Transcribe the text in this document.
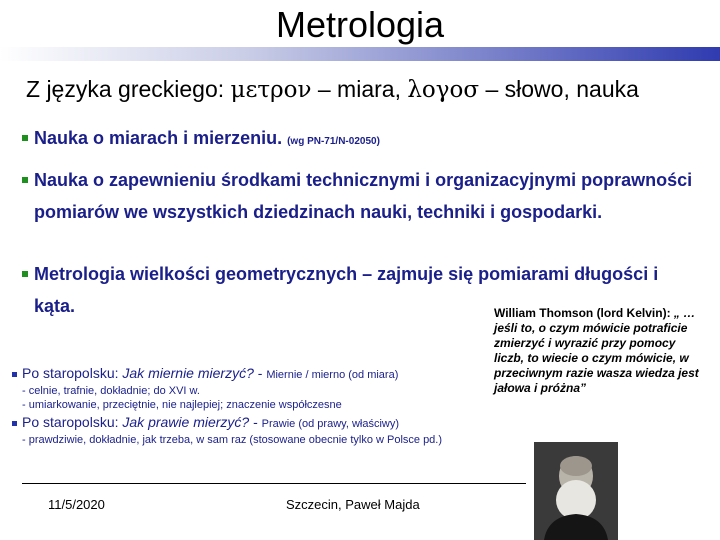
Metrologia
Z języka greckiego: μετρον – miara, λογοσ – słowo, nauka
Nauka o miarach i mierzeniu. (wg PN-71/N-02050)
Nauka o zapewnieniu środkami technicznymi i organizacyjnymi poprawności pomiarów we wszystkich dziedzinach nauki, techniki i gospodarki.
Metrologia wielkości geometrycznych – zajmuje się pomiarami długości i kąta.
Po staropolsku: Jak miernie mierzyć? - Miernie / mierno (od miara)
- celnie, trafnie, dokładnie; do XVI w.
- umiarkowanie, przeciętnie, nie najlepiej; znaczenie współczesne
Po staropolsku: Jak prawie mierzyć? - Prawie (od prawy, właściwy)
- prawdziwie, dokładnie, jak trzeba, w sam raz (stosowane obecnie tylko w Polsce pd.)
William Thomson (lord Kelvin): „ …jeśli to, o czym mówicie potraficie zmierzyć i wyrazić przy pomocy liczb, to wiecie o czym mówicie, w przeciwnym razie wasza wiedza jest jałowa i próżna”
11/5/2020	Szczecin, Paweł Majda
